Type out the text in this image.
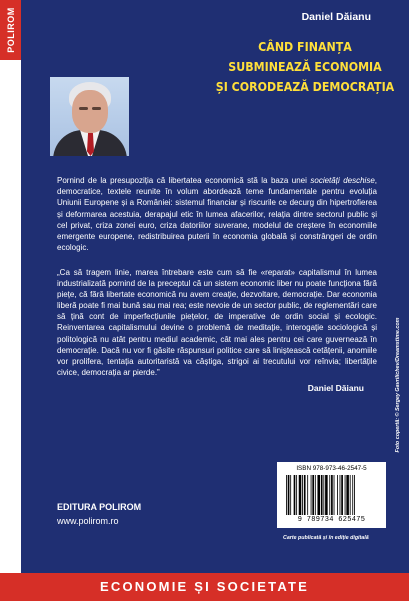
POLIROM	Daniel Dăianu
CÂND FINANȚA
SUBMINEAZĂ ECONOMIA
ȘI CORODEAZĂ DEMOCRAȚIA
Pornind de la presupoziția că libertatea economică stă la baza unei societăți deschise, democratice, textele reunite în volum abordează teme fundamentale pentru evoluția Uniunii Europene și a României: sistemul financiar și riscurile ce decurg din hipertrofierea și deformarea acestuia, derapajul etic în lumea afacerilor, relația dintre sectorul public și cel privat, criza zonei euro, criza datoriilor suverane, modelul de creștere în economiile emergente europene, redistribuirea puterii în economia globală și constrângeri de ordin ecologic.
„Ca să tragem linie, marea întrebare este cum să fie «reparat» capitalismul în lumea industrializată pornind de la preceptul că un sistem economic liber nu poate funcționa fără piețe, că fără libertate economică nu avem creație, dezvoltare, democrație. Dar economia liberă poate fi mai bună sau mai rea; este nevoie de un sector public, de reglementări care să țină cont de imperfecțiunile piețelor, de imperative de ordin social și ecologic. Reinventarea capitalismului devine o problemă de meditație, interogație sociologică și politologică nu atât pentru mediul academic, cât mai ales pentru cei care guvernează în democrație. Dacă nu vor fi găsite răspunsuri politice care să liniștească cetățenii, anomiile vor prolifera, tentația autoritaristă va câștiga, strigoi ai trecutului vor reînvia; libertățile civice, democrația ar pierde.”
Daniel Dăianu
EDITURA POLIROM
www.polirom.ro
ISBN 978-973-46-2547-5
9 789734 625475
Carte publicată și în ediție digitală
Foto copertă: © Sergey Gavrilichev/Dreamstime.com
ECONOMIE ȘI SOCIETATE
